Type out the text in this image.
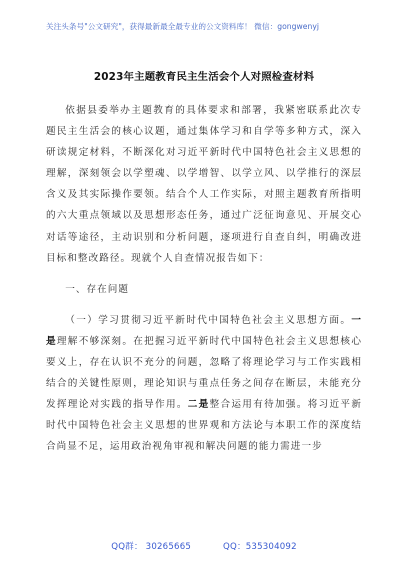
关注头条号"公文研究"，获得最新最全最专业的公文资料库！ 微信：gongwenyj
2023年主题教育民主生活会个人对照检查材料

依据县委举办主题教育的具体要求和部署，我紧密联系此次专题民主生活会的核心议题，通过集体学习和自学等多种方式，深入研读规定材料，不断深化对习近平新时代中国特色社会主义思想的理解，深刻领会以学塑魂、以学增智、以学立风、以学推行的深层含义及其实际操作要领。结合个人工作实际，对照主题教育所指明的六大重点领域以及思想形态任务，通过广泛征询意见、开展交心对话等途径，主动识别和分析问题，逐项进行自查自纠，明确改进目标和整改路径。现就个人自查情况报告如下：

一、存在问题

（一）学习贯彻习近平新时代中国特色社会主义思想方面。一是理解不够深刻。在把握习近平新时代中国特色社会主义思想核心要义上，存在认识不充分的问题，忽略了将理论学习与工作实践相结合的关键性原则，理论知识与重点任务之间存在断层，未能充分发挥理论对实践的指导作用。二是整合运用有待加强。将习近平新时代中国特色社会主义思想的世界观和方法论与本职工作的深度结合尚显不足，运用政治视角审视和解决问题的能力需进一步

QQ群： 30265665	QQ：535304092
